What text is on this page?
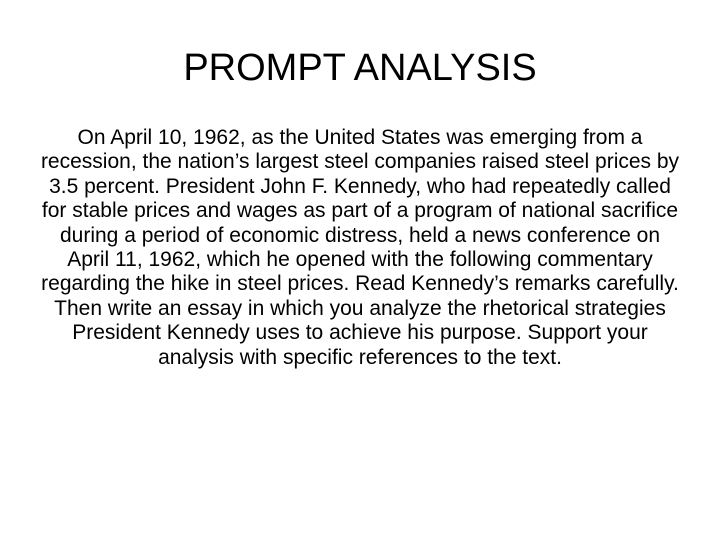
PROMPT ANALYSIS

On April 10, 1962, as the United States was emerging from a recession, the nation’s largest steel companies raised steel prices by 3.5 percent. President John F. Kennedy, who had repeatedly called for stable prices and wages as part of a program of national sacrifice during a period of economic distress, held a news conference on April 11, 1962, which he opened with the following commentary regarding the hike in steel prices. Read Kennedy’s remarks carefully. Then write an essay in which you analyze the rhetorical strategies President Kennedy uses to achieve his purpose. Support your analysis with specific references to the text.
